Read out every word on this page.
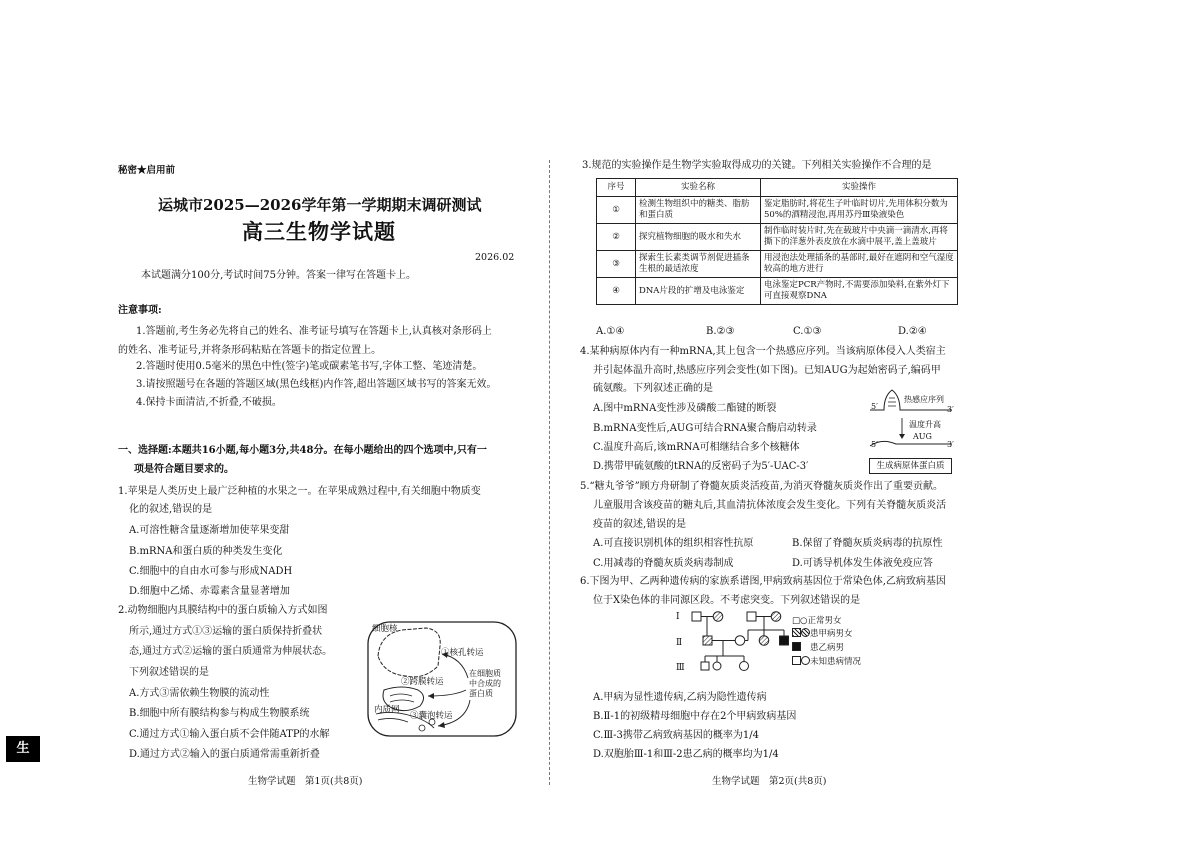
秘密★启用前
运城市2025—2026学年第一学期期末调研测试
高三生物学试题
2026.02
本试题满分100分,考试时间75分钟。答案一律写在答题卡上。
注意事项:
1.答题前,考生务必先将自己的姓名、准考证号填写在答题卡上,认真核对条形码上
的姓名、准考证号,并将条形码粘贴在答题卡的指定位置上。
2.答题时使用0.5毫米的黑色中性(签字)笔或碳素笔书写,字体工整、笔迹清楚。
3.请按照题号在各题的答题区域(黑色线框)内作答,超出答题区域书写的答案无效。
4.保持卡面清洁,不折叠,不破损。
一、选择题:本题共16小题,每小题3分,共48分。在每小题给出的四个选项中,只有一
项是符合题目要求的。
1.苹果是人类历史上最广泛种植的水果之一。在苹果成熟过程中,有关细胞中物质变
化的叙述,错误的是
A.可溶性糖含量逐渐增加使苹果变甜
B.mRNA和蛋白质的种类发生变化
C.细胞中的自由水可参与形成NADH
D.细胞中乙烯、赤霉素含量显著增加
2.动物细胞内具膜结构中的蛋白质输入方式如图
所示,通过方式①③运输的蛋白质保持折叠状
态,通过方式②运输的蛋白质通常为伸展状态。
下列叙述错误的是
A.方式③需依赖生物膜的流动性
B.细胞中所有膜结构参与构成生物膜系统
C.通过方式①输入蛋白质不会伴随ATP的水解
D.通过方式②输入的蛋白质通常需重新折叠
细胞核
①核孔转运
②跨膜转运
在细胞质
中合成的
蛋白质
内质网
③囊泡转运
生物学试题　第1页(共8页)
生
3.规范的实验操作是生物学实验取得成功的关键。下列相关实验操作不合理的是
序号	实验名称	实验操作
①	检测生物组织中的糖类、脂肪和蛋白质	鉴定脂肪时,将花生子叶临时切片,先用体积分数为50%的酒精浸泡,再用苏丹Ⅲ染液染色
②	探究植物细胞的吸水和失水	制作临时装片时,先在载玻片中央滴一滴清水,再将撕下的洋葱外表皮放在水滴中展平,盖上盖玻片
③	探索生长素类调节剂促进插条生根的最适浓度	用浸泡法处理插条的基部时,最好在遮阴和空气湿度较高的地方进行
④	DNA片段的扩增及电泳鉴定	电泳鉴定PCR产物时,不需要添加染料,在紫外灯下可直接观察DNA
A.①④	B.②③	C.①③	D.②④
4.某种病原体内有一种mRNA,其上包含一个热感应序列。当该病原体侵入人类宿主
并引起体温升高时,热感应序列会变性(如下图)。已知AUG为起始密码子,编码甲
硫氨酸。下列叙述正确的是
A.图中mRNA变性涉及磷酸二酯键的断裂
B.mRNA变性后,AUG可结合RNA聚合酶启动转录
C.温度升高后,该mRNA可相继结合多个核糖体
D.携带甲硫氨酸的tRNA的反密码子为5′-UAC-3′
5′
热感应序列
3′
温度升高
AUG
5′	3′
生成病原体蛋白质
5.“糖丸爷爷”顾方舟研制了脊髓灰质炎活疫苗,为消灭脊髓灰质炎作出了重要贡献。
儿童服用含该疫苗的糖丸后,其血清抗体浓度会发生变化。下列有关脊髓灰质炎活
疫苗的叙述,错误的是
A.可直接识别机体的组织相容性抗原	B.保留了脊髓灰质炎病毒的抗原性
C.用减毒的脊髓灰质炎病毒制成	D.可诱导机体发生体液免疫应答
6.下图为甲、乙两种遗传病的家族系谱图,甲病致病基因位于常染色体,乙病致病基因
位于X染色体的非同源区段。不考虑突变。下列叙述错误的是
Ⅰ
Ⅱ
Ⅲ
□○正常男女
患甲病男女
患乙病男
未知患病情况
A.甲病为显性遗传病,乙病为隐性遗传病
B.Ⅱ-1的初级精母细胞中存在2个甲病致病基因
C.Ⅲ-3携带乙病致病基因的概率为1/4
D.双胞胎Ⅲ-1和Ⅲ-2患乙病的概率均为1/4
生物学试题　第2页(共8页)
